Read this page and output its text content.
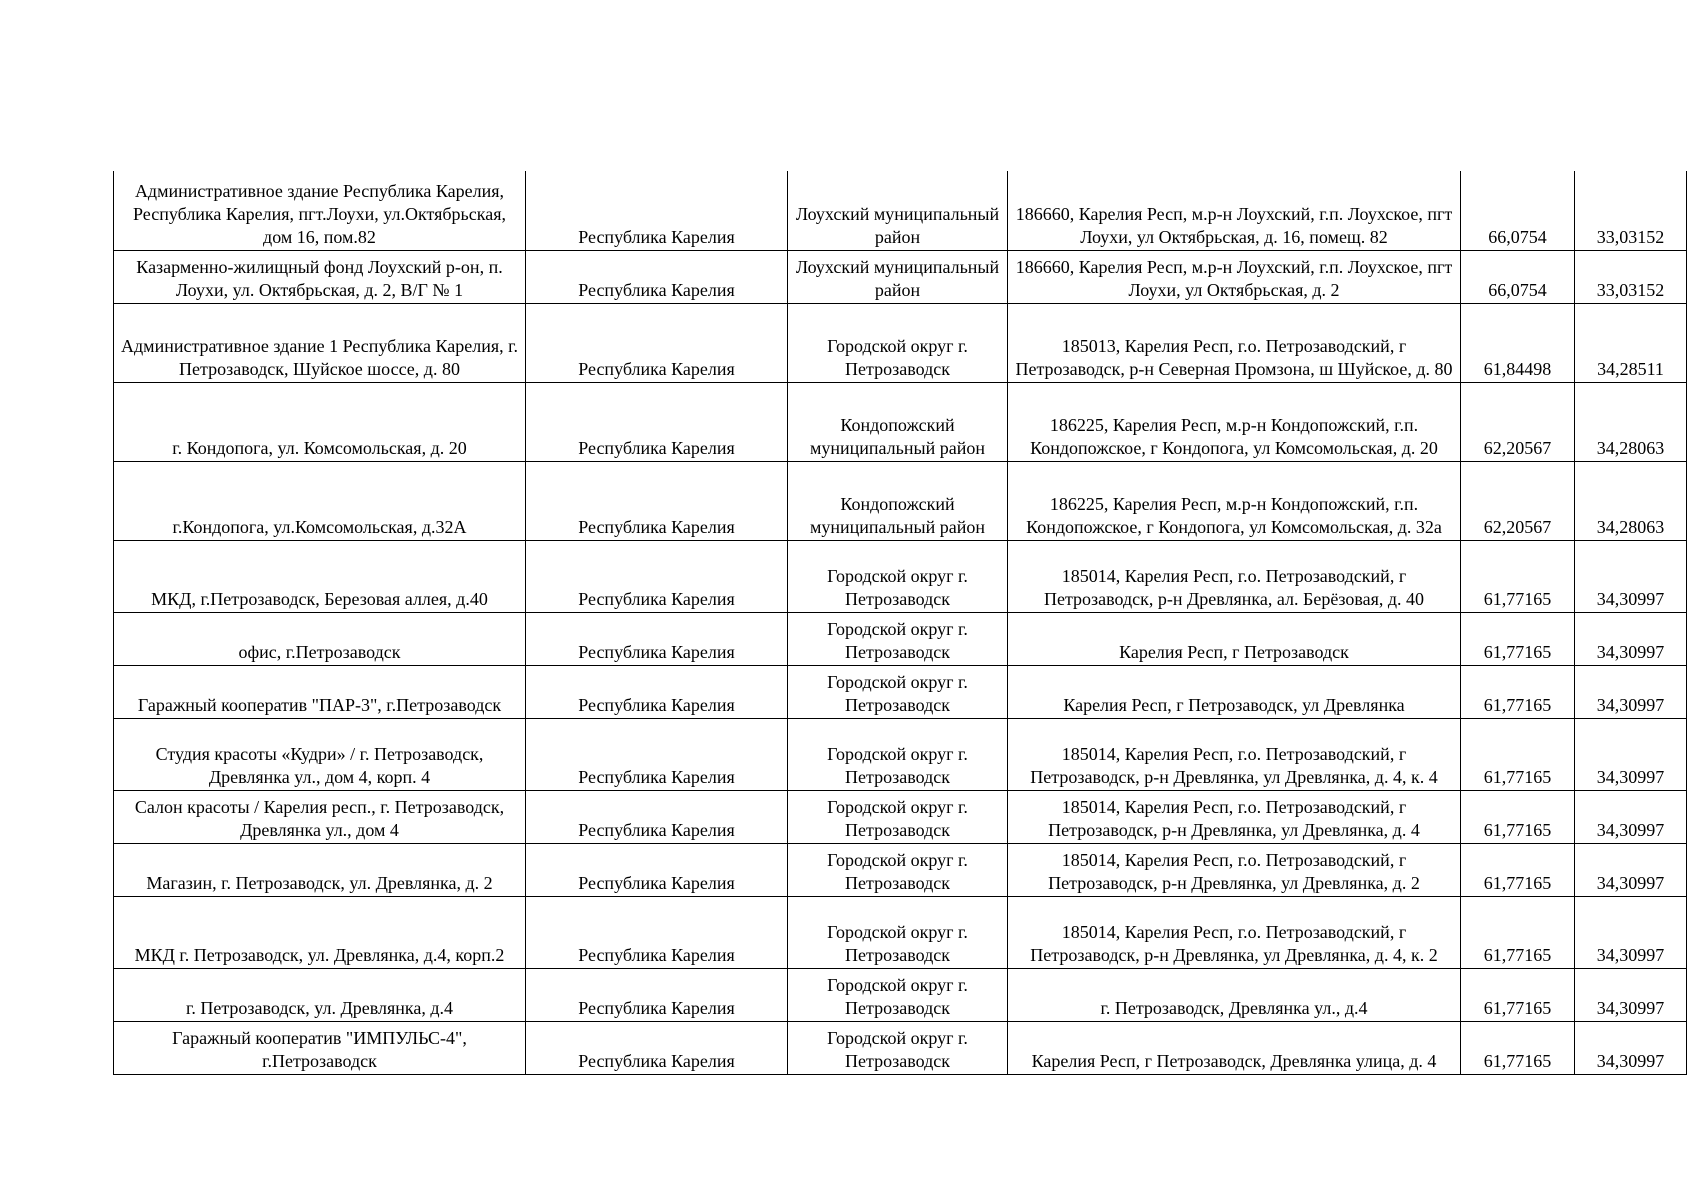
Административное здание Республика Карелия, Республика Карелия, пгт.Лоухи, ул.Октябрьская, дом 16, пом.82	Республика Карелия	Лоухский муниципальный район	186660, Карелия Респ, м.р-н Лоухский, г.п. Лоухское, пгт Лоухи, ул Октябрьская, д. 16, помещ. 82	66,0754	33,03152
Казарменно-жилищный фонд Лоухский р-он, п. Лоухи, ул. Октябрьская, д. 2, В/Г № 1	Республика Карелия	Лоухский муниципальный район	186660, Карелия Респ, м.р-н Лоухский, г.п. Лоухское, пгт Лоухи, ул Октябрьская, д. 2	66,0754	33,03152
Административное здание 1 Республика Карелия, г. Петрозаводск, Шуйское шоссе, д. 80	Республика Карелия	Городской округ г. Петрозаводск	185013, Карелия Респ, г.о. Петрозаводский, г Петрозаводск, р-н Северная Промзона, ш Шуйское, д. 80	61,84498	34,28511
г. Кондопога, ул. Комсомольская, д. 20	Республика Карелия	Кондопожский муниципальный район	186225, Карелия Респ, м.р-н Кондопожский, г.п. Кондопожское, г Кондопога, ул Комсомольская, д. 20	62,20567	34,28063
г.Кондопога, ул.Комсомольская, д.32А	Республика Карелия	Кондопожский муниципальный район	186225, Карелия Респ, м.р-н Кондопожский, г.п. Кондопожское, г Кондопога, ул Комсомольская, д. 32а	62,20567	34,28063
МКД, г.Петрозаводск, Березовая аллея, д.40	Республика Карелия	Городской округ г. Петрозаводск	185014, Карелия Респ, г.о. Петрозаводский, г Петрозаводск, р-н Древлянка, ал. Берёзовая, д. 40	61,77165	34,30997
офис, г.Петрозаводск	Республика Карелия	Городской округ г. Петрозаводск	Карелия Респ, г Петрозаводск	61,77165	34,30997
Гаражный кооператив "ПАР-3", г.Петрозаводск	Республика Карелия	Городской округ г. Петрозаводск	Карелия Респ, г Петрозаводск, ул Древлянка	61,77165	34,30997
Студия красоты «Кудри» / г. Петрозаводск, Древлянка ул., дом 4, корп. 4	Республика Карелия	Городской округ г. Петрозаводск	185014, Карелия Респ, г.о. Петрозаводский, г Петрозаводск, р-н Древлянка, ул Древлянка, д. 4, к. 4	61,77165	34,30997
Салон красоты / Карелия респ., г. Петрозаводск, Древлянка ул., дом 4	Республика Карелия	Городской округ г. Петрозаводск	185014, Карелия Респ, г.о. Петрозаводский, г Петрозаводск, р-н Древлянка, ул Древлянка, д. 4	61,77165	34,30997
Магазин, г. Петрозаводск, ул. Древлянка, д. 2	Республика Карелия	Городской округ г. Петрозаводск	185014, Карелия Респ, г.о. Петрозаводский, г Петрозаводск, р-н Древлянка, ул Древлянка, д. 2	61,77165	34,30997
МКД г. Петрозаводск, ул. Древлянка, д.4, корп.2	Республика Карелия	Городской округ г. Петрозаводск	185014, Карелия Респ, г.о. Петрозаводский, г Петрозаводск, р-н Древлянка, ул Древлянка, д. 4, к. 2	61,77165	34,30997
г. Петрозаводск, ул. Древлянка, д.4	Республика Карелия	Городской округ г. Петрозаводск	г. Петрозаводск, Древлянка ул., д.4	61,77165	34,30997
Гаражный кооператив "ИМПУЛЬС-4", г.Петрозаводск	Республика Карелия	Городской округ г. Петрозаводск	Карелия Респ, г Петрозаводск, Древлянка улица, д. 4	61,77165	34,30997
